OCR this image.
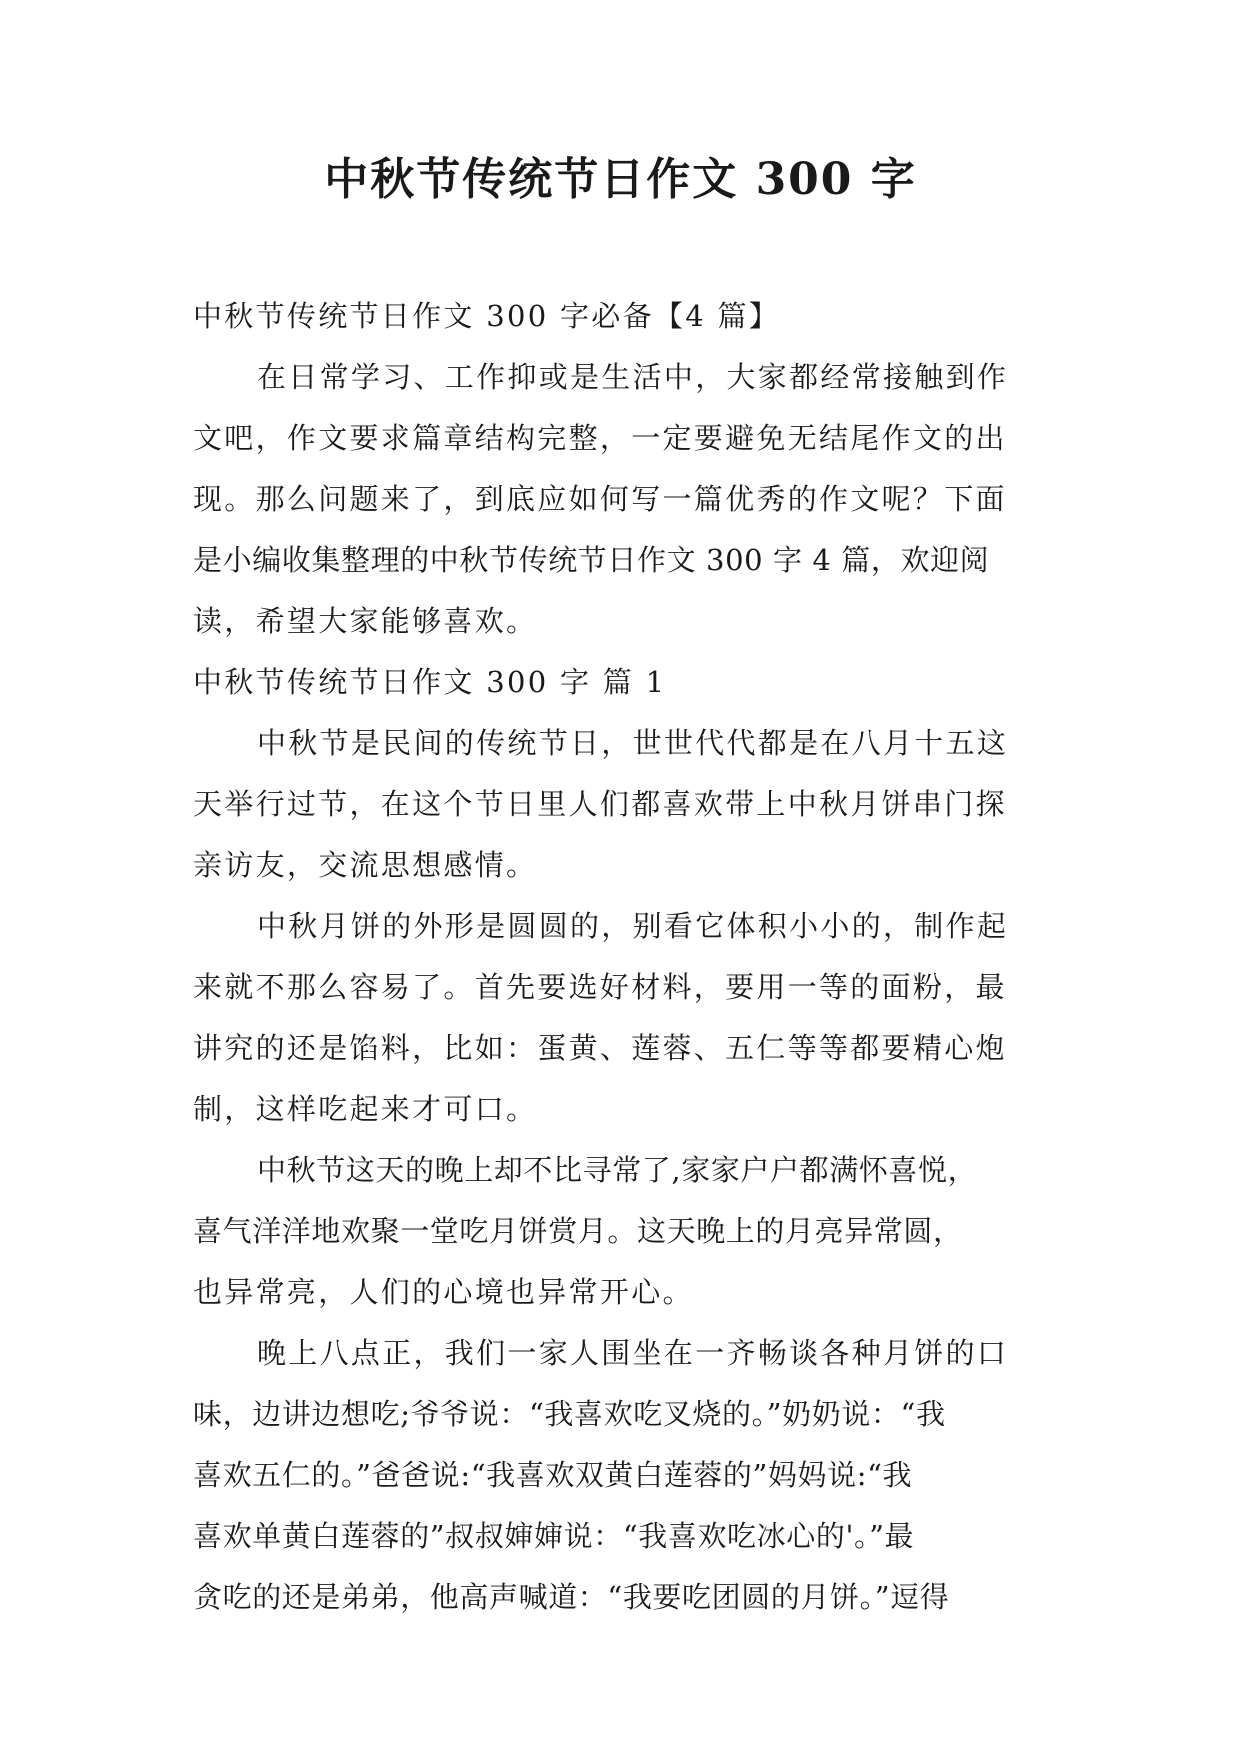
中秋节传统节日作文 300 字
中秋节传统节日作文 300 字必备【4 篇】
在日常学习、工作抑或是生活中，大家都经常接触到作
文吧，作文要求篇章结构完整，一定要避免无结尾作文的出
现。那么问题来了，到底应如何写一篇优秀的作文呢？下面
是小编收集整理的中秋节传统节日作文 300 字 4 篇，欢迎阅
读，希望大家能够喜欢。
中秋节传统节日作文 300 字 篇 1
中秋节是民间的传统节日，世世代代都是在八月十五这
天举行过节，在这个节日里人们都喜欢带上中秋月饼串门探
亲访友，交流思想感情。
中秋月饼的外形是圆圆的，别看它体积小小的，制作起
来就不那么容易了。首先要选好材料，要用一等的面粉，最
讲究的还是馅料，比如：蛋黄、莲蓉、五仁等等都要精心炮
制，这样吃起来才可口。
中秋节这天的晚上却不比寻常了,家家户户都满怀喜悦，
喜气洋洋地欢聚一堂吃月饼赏月。这天晚上的月亮异常圆，
也异常亮，人们的心境也异常开心。
晚上八点正，我们一家人围坐在一齐畅谈各种月饼的口
味，边讲边想吃;爷爷说：“我喜欢吃叉烧的。”奶奶说：“我
喜欢五仁的。”爸爸说:“我喜欢双黄白莲蓉的”妈妈说:“我
喜欢单黄白莲蓉的”叔叔婶婶说：“我喜欢吃冰心的'。”最
贪吃的还是弟弟，他高声喊道：“我要吃团圆的月饼。”逗得
